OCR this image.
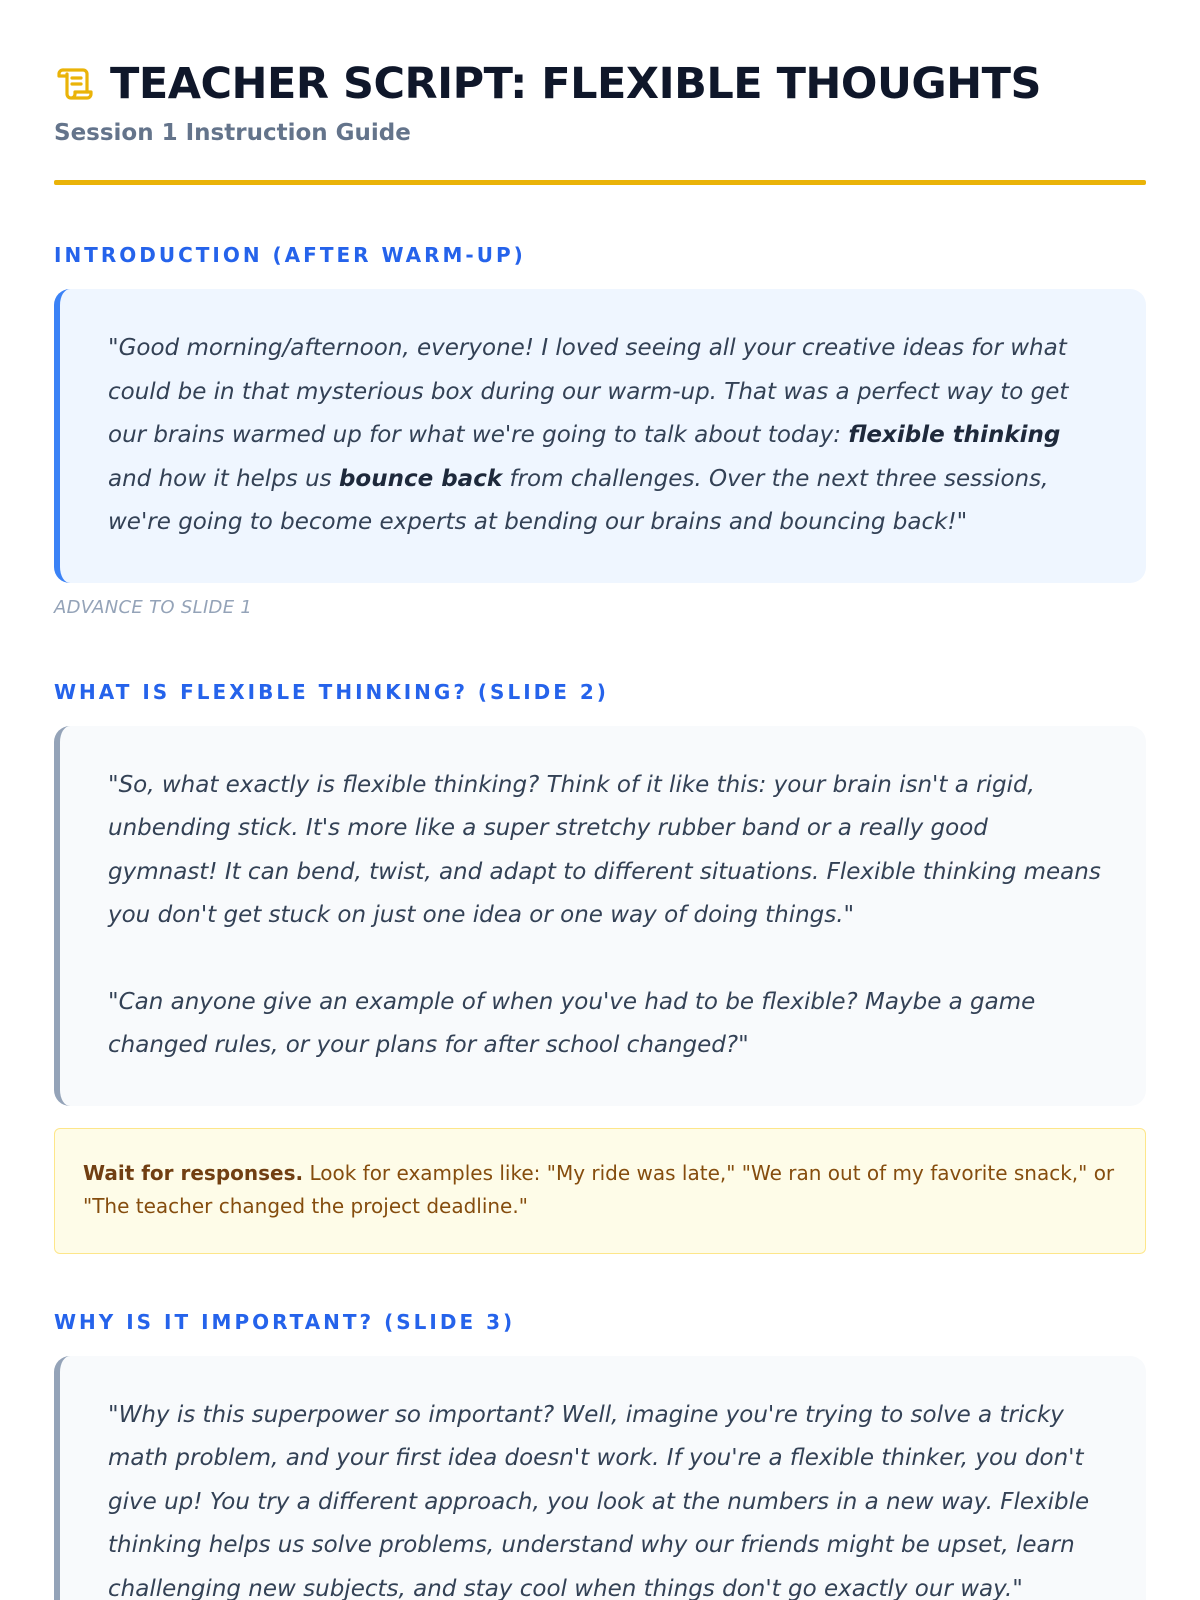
TEACHER SCRIPT: FLEXIBLE THOUGHTS
Session 1 Instruction Guide
INTRODUCTION (AFTER WARM-UP)

"Good morning/afternoon, everyone! I loved seeing all your creative ideas for what could be in that mysterious box during our warm-up. That was a perfect way to get our brains warmed up for what we're going to talk about today: flexible thinking and how it helps us bounce back from challenges. Over the next three sessions, we're going to become experts at bending our brains and bouncing back!"

ADVANCE TO SLIDE 1
WHAT IS FLEXIBLE THINKING? (SLIDE 2)

"So, what exactly is flexible thinking? Think of it like this: your brain isn't a rigid, unbending stick. It's more like a super stretchy rubber band or a really good gymnast! It can bend, twist, and adapt to different situations. Flexible thinking means you don't get stuck on just one idea or one way of doing things."

"Can anyone give an example of when you've had to be flexible? Maybe a game changed rules, or your plans for after school changed?"

Wait for responses. Look for examples like: "My ride was late," "We ran out of my favorite snack," or "The teacher changed the project deadline."
WHY IS IT IMPORTANT? (SLIDE 3)

"Why is this superpower so important? Well, imagine you're trying to solve a tricky math problem, and your first idea doesn't work. If you're a flexible thinker, you don't give up! You try a different approach, you look at the numbers in a new way. Flexible thinking helps us solve problems, understand why our friends might be upset, learn challenging new subjects, and stay cool when things don't go exactly our way."
